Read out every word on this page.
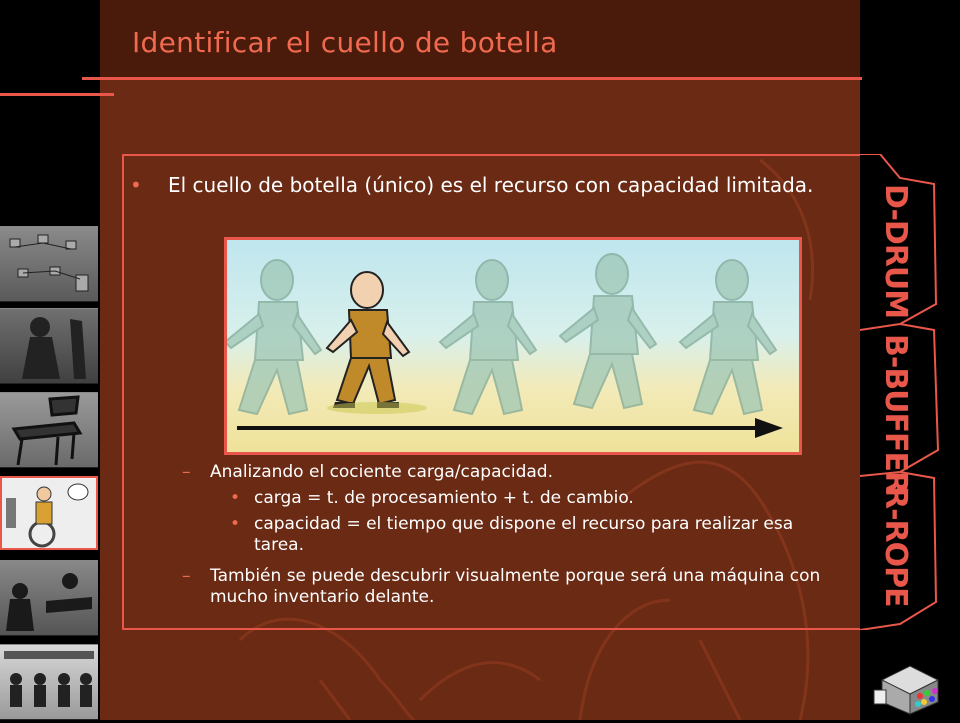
Identificar el cuello de botella
• El cuello de botella (único) es el recurso con capacidad limitada.
– Analizando el cociente carga/capacidad.
• carga = t. de procesamiento + t. de cambio.
• capacidad = el tiempo que dispone el recurso para realizar esa tarea.
– También se puede descubrir visualmente porque será una máquina con mucho inventario delante.
D-DRUM
B-BUFFER
R-ROPE
